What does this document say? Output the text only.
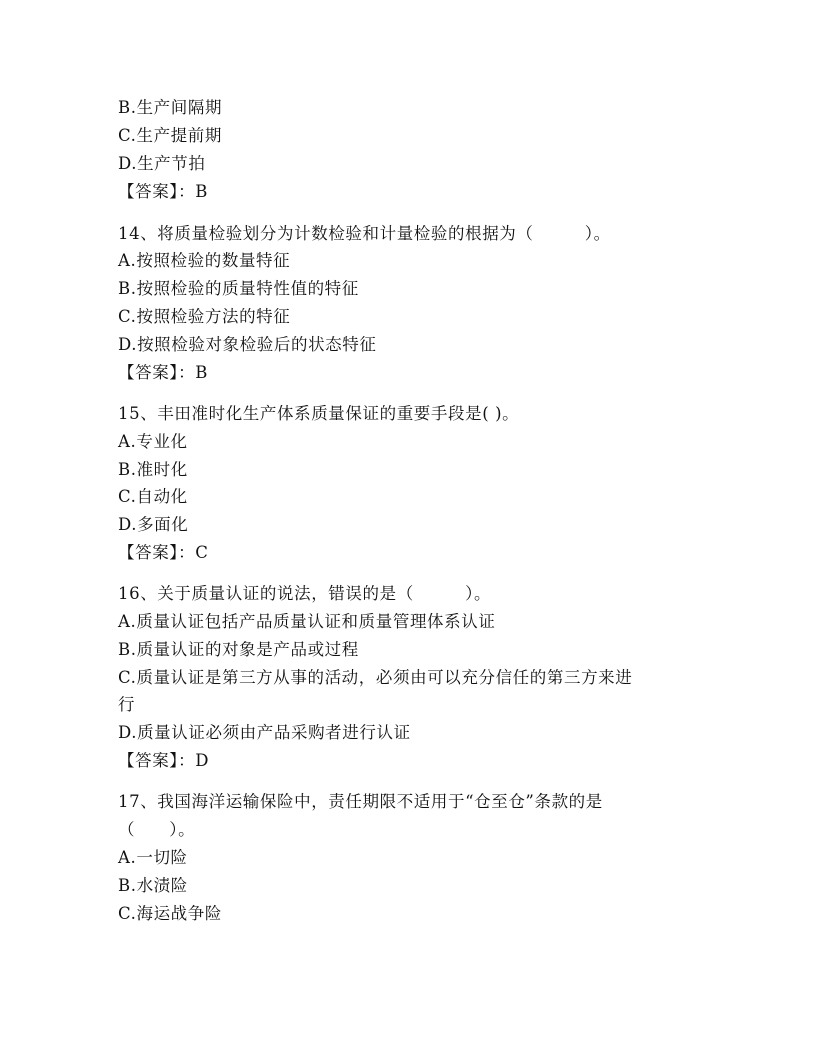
B.生产间隔期
C.生产提前期
D.生产节拍
【答案】：B
14、将质量检验划分为计数检验和计量检验的根据为（　　　）。
A.按照检验的数量特征
B.按照检验的质量特性值的特征
C.按照检验方法的特征
D.按照检验对象检验后的状态特征
【答案】：B
15、丰田准时化生产体系质量保证的重要手段是( )。
A.专业化
B.准时化
C.自动化
D.多面化
【答案】：C
16、关于质量认证的说法，错误的是（　　　）。
A.质量认证包括产品质量认证和质量管理体系认证
B.质量认证的对象是产品或过程
C.质量认证是第三方从事的活动，必须由可以充分信任的第三方来进
行
D.质量认证必须由产品采购者进行认证
【答案】：D
17、我国海洋运输保险中，责任期限不适用于“仓至仓”条款的是
（　　）。
A.一切险
B.水渍险
C.海运战争险
